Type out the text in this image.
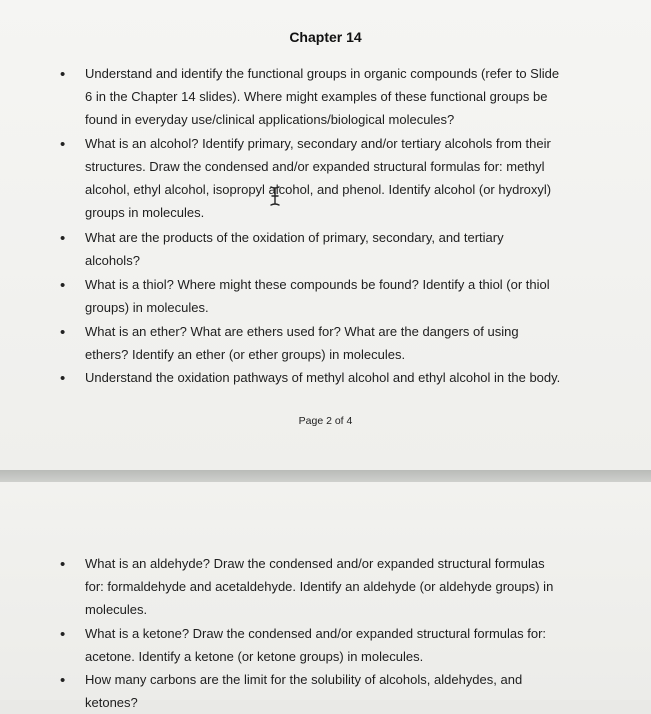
Chapter 14
• Understand and identify the functional groups in organic compounds (refer to Slide
6 in the Chapter 14 slides). Where might examples of these functional groups be
found in everyday use/clinical applications/biological molecules?
• What is an alcohol? Identify primary, secondary and/or tertiary alcohols from their
structures. Draw the condensed and/or expanded structural formulas for: methyl
alcohol, ethyl alcohol, isopropyl alcohol, and phenol. Identify alcohol (or hydroxyl)
groups in molecules.
• What are the products of the oxidation of primary, secondary, and tertiary
alcohols?
• What is a thiol? Where might these compounds be found? Identify a thiol (or thiol
groups) in molecules.
• What is an ether? What are ethers used for? What are the dangers of using
ethers? Identify an ether (or ether groups) in molecules.
• Understand the oxidation pathways of methyl alcohol and ethyl alcohol in the body.
Page 2 of 4
• What is an aldehyde? Draw the condensed and/or expanded structural formulas
for: formaldehyde and acetaldehyde. Identify an aldehyde (or aldehyde groups) in
molecules.
• What is a ketone? Draw the condensed and/or expanded structural formulas for:
acetone. Identify a ketone (or ketone groups) in molecules.
• How many carbons are the limit for the solubility of alcohols, aldehydes, and
ketones?
